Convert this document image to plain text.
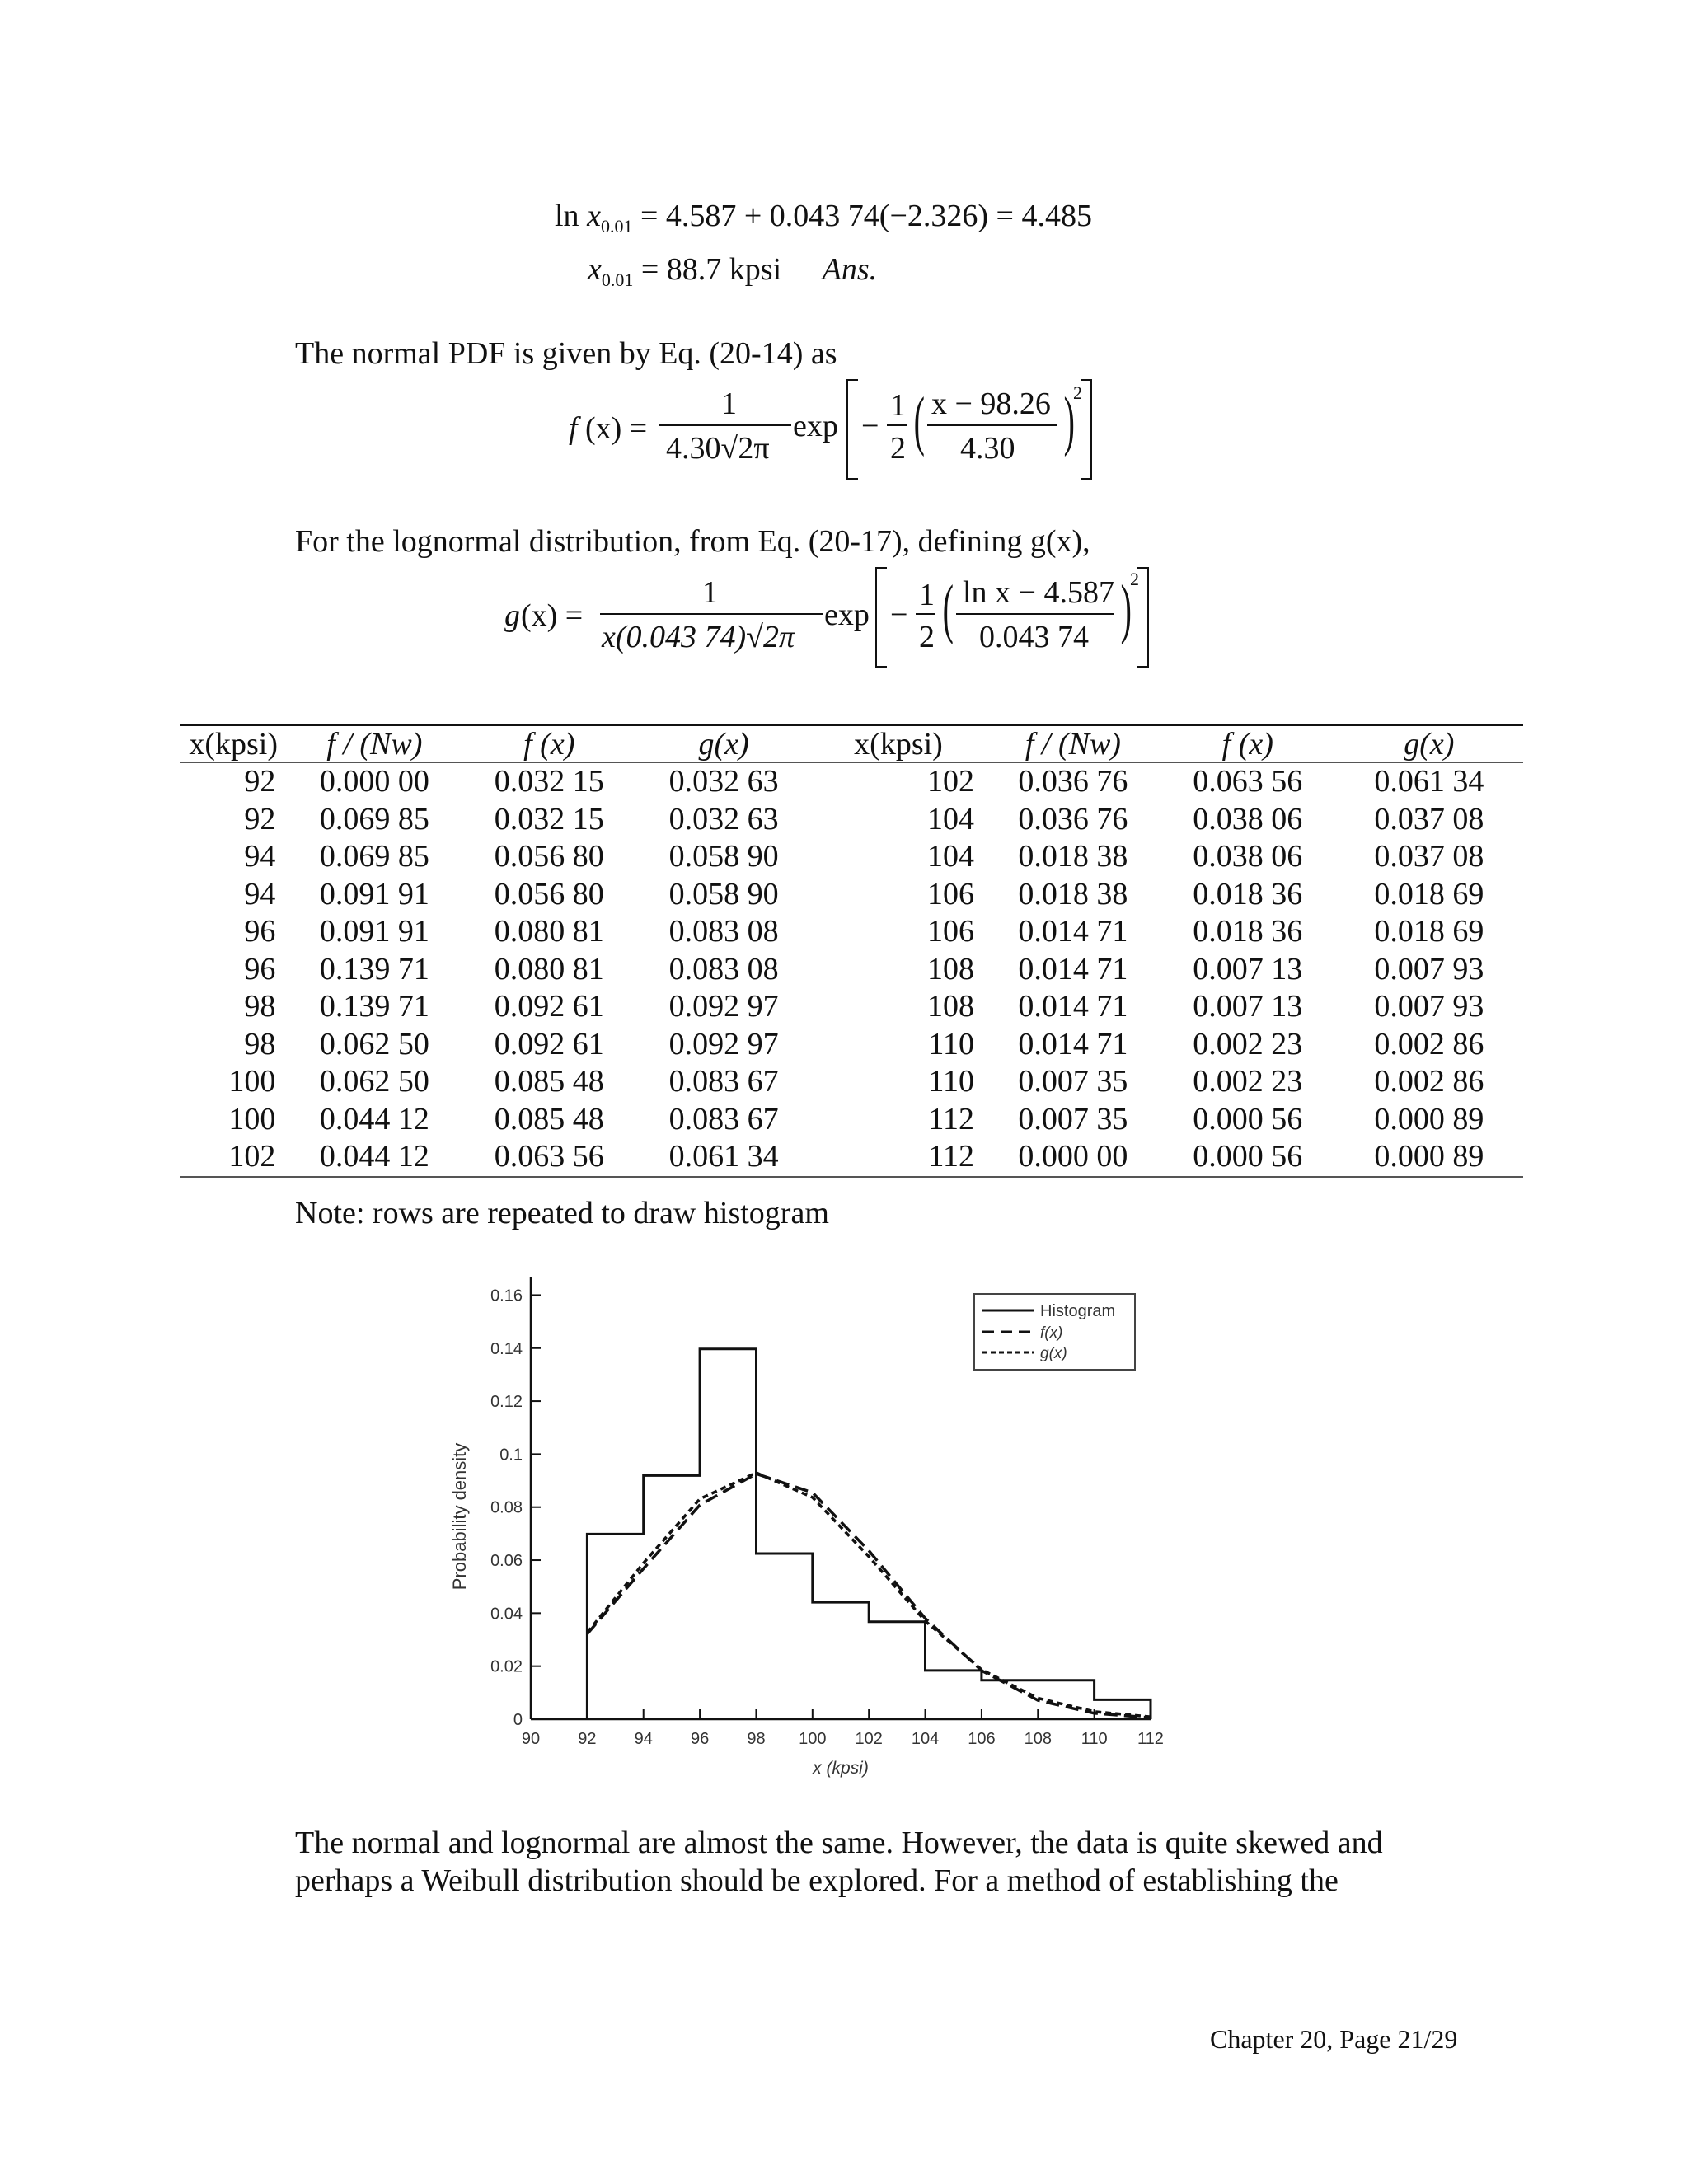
$\ln x_{0.01} = 4.587 + 0.043$ 74(−2.326) = 4.485
$x_{0.01} = 88.7$ kpsi Ans.
The normal PDF is given by Eq. (20-14) as
f (x) =
1
4.30√2π
exp −
1
2 ( x − 98.26
4.30 )
2
For the lognormal distribution, from Eq. (20-17), defining g(x),
g (x) =
1
x(0.043 74)√2π
exp −
1
2 ( ln x − 4.587
0.043 74 )
2
x(kpsi)	f / (Nw)	f (x)	g(x)	x(kpsi)	f / (Nw)	f (x)	g(x)
92	0.000 00	0.032 15	0.032 63	102	0.036 76	0.063 56	0.061 34
92	0.069 85	0.032 15	0.032 63	104	0.036 76	0.038 06	0.037 08
94	0.069 85	0.056 80	0.058 90	104	0.018 38	0.038 06	0.037 08
94	0.091 91	0.056 80	0.058 90	106	0.018 38	0.018 36	0.018 69
96	0.091 91	0.080 81	0.083 08	106	0.014 71	0.018 36	0.018 69
96	0.139 71	0.080 81	0.083 08	108	0.014 71	0.007 13	0.007 93
98	0.139 71	0.092 61	0.092 97	108	0.014 71	0.007 13	0.007 93
98	0.062 50	0.092 61	0.092 97	110	0.014 71	0.002 23	0.002 86
100	0.062 50	0.085 48	0.083 67	110	0.007 35	0.002 23	0.002 86
100	0.044 12	0.085 48	0.083 67	112	0.007 35	0.000 56	0.000 89
102	0.044 12	0.063 56	0.061 34	112	0.000 00	0.000 56	0.000 89
Note: rows are repeated to draw histogram
0
0.02
0.04
0.06
0.08
0.1
0.12
0.14
0.16
90 92 94 96 98 100 102 104 106 108 110 112
Probability density
x (kpsi)
Histogram
f(x)
g(x)
The normal and lognormal are almost the same. However, the data is quite skewed and
perhaps a Weibull distribution should be explored. For a method of establishing the
Chapter 20, Page 21/29
